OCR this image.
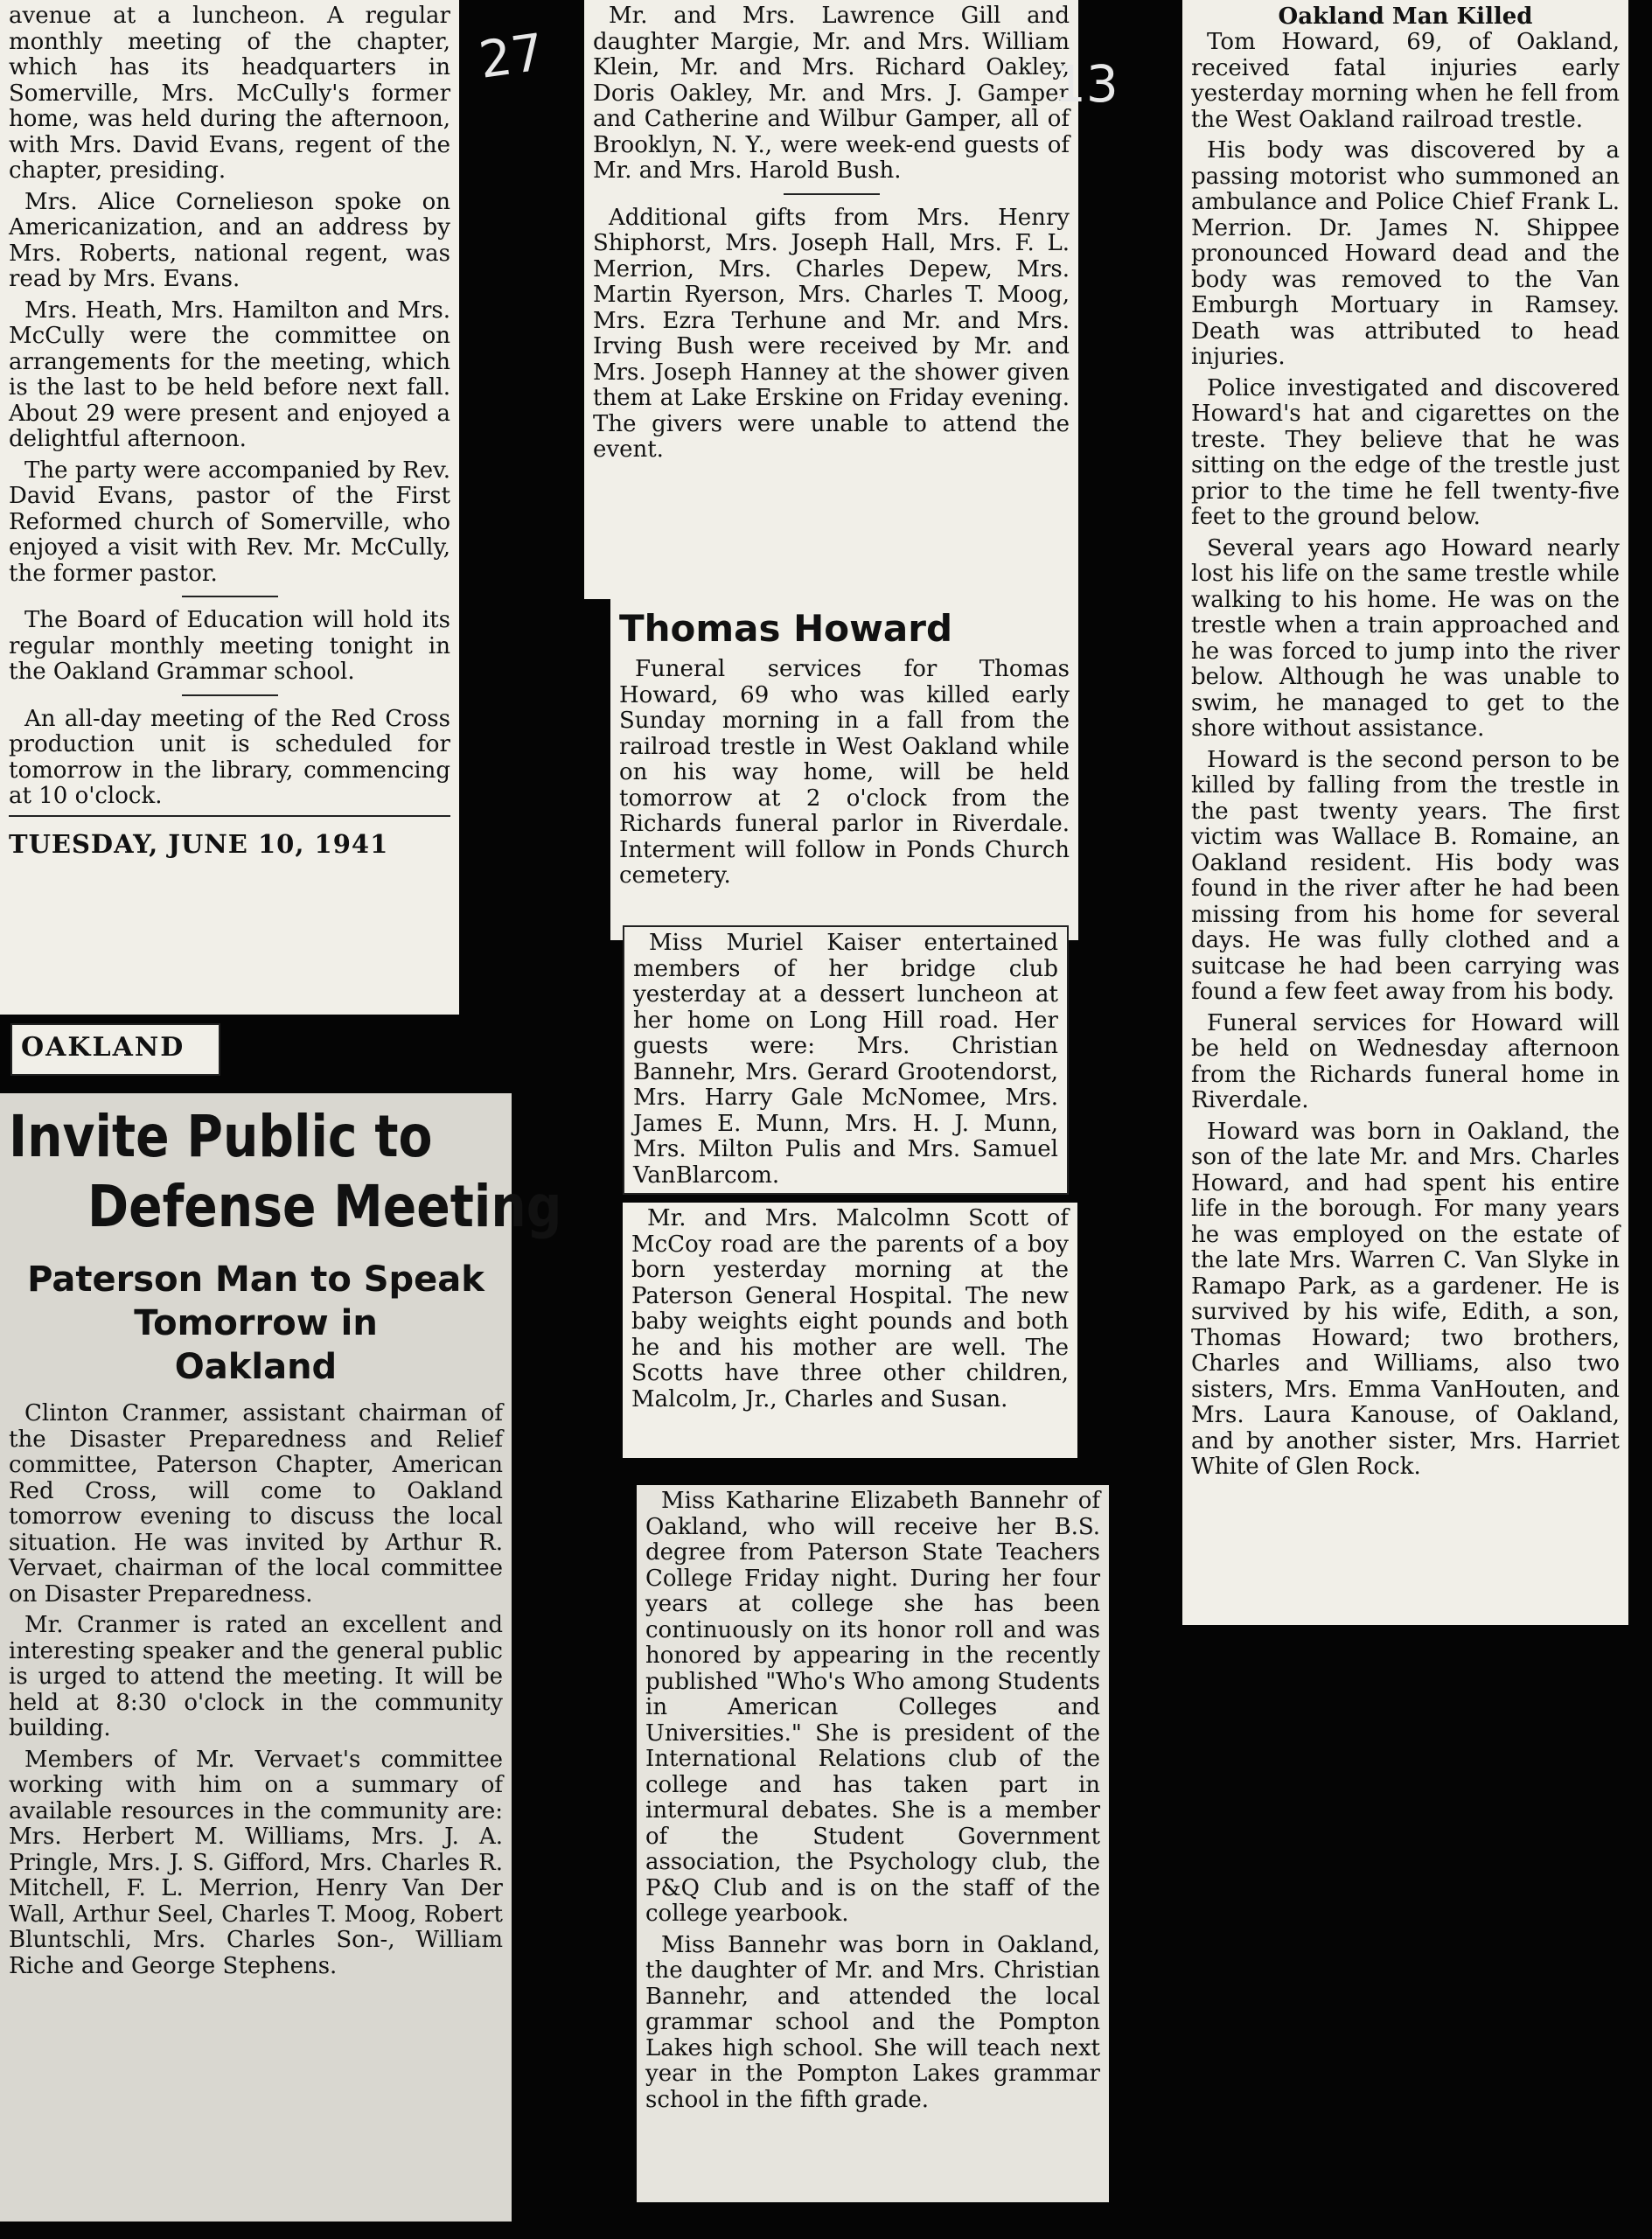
avenue at a luncheon. A regular monthly meeting of the chapter, which has its headquarters in Somerville, Mrs. McCully's former home, was held during the afternoon, with Mrs. David Evans, regent of the chapter, presiding.

Mrs. Alice Cornelieson spoke on Americanization, and an address by Mrs. Roberts, national regent, was read by Mrs. Evans.

Mrs. Heath, Mrs. Hamilton and Mrs. McCully were the committee on arrangements for the meeting, which is the last to be held before next fall. About 29 were present and enjoyed a delightful afternoon.

The party were accompanied by Rev. David Evans, pastor of the First Reformed church of Somerville, who enjoyed a visit with Rev. Mr. McCully, the former pastor.

The Board of Education will hold its regular monthly meeting tonight in the Oakland Grammar school.

An all-day meeting of the Red Cross production unit is scheduled for tomorrow in the library, commencing at 10 o'clock.

TUESDAY, JUNE 10, 1941
OAKLAND
Invite Public to
Defense Meeting
Paterson Man to Speak
Tomorrow in
Oakland

Clinton Cranmer, assistant chairman of the Disaster Preparedness and Relief committee, Paterson Chapter, American Red Cross, will come to Oakland tomorrow evening to discuss the local situation. He was invited by Arthur R. Vervaet, chairman of the local committee on Disaster Preparedness.

Mr. Cranmer is rated an excellent and interesting speaker and the general public is urged to attend the meeting. It will be held at 8:30 o'clock in the community building.

Members of Mr. Vervaet's committee working with him on a summary of available resources in the community are: Mrs. Herbert M. Williams, Mrs. J. A. Pringle, Mrs. J. S. Gifford, Mrs. Charles R. Mitchell, F. L. Merrion, Henry Van Der Wall, Arthur Seel, Charles T. Moog, Robert Bluntschli, Mrs. Charles Son-, William Riche and George Stephens.

Mr. and Mrs. Lawrence Gill and daughter Margie, Mr. and Mrs. William Klein, Mr. and Mrs. Richard Oakley, Doris Oakley, Mr. and Mrs. J. Gamper and Catherine and Wilbur Gamper, all of Brooklyn, N. Y., were week-end guests of Mr. and Mrs. Harold Bush.

Additional gifts from Mrs. Henry Shiphorst, Mrs. Joseph Hall, Mrs. F. L. Merrion, Mrs. Charles Depew, Mrs. Martin Ryerson, Mrs. Charles T. Moog, Mrs. Ezra Terhune and Mr. and Mrs. Irving Bush were received by Mr. and Mrs. Joseph Hanney at the shower given them at Lake Erskine on Friday evening. The givers were unable to attend the event.

Thomas Howard

Funeral services for Thomas Howard, 69 who was killed early Sunday morning in a fall from the railroad trestle in West Oakland while on his way home, will be held tomorrow at 2 o'clock from the Richards funeral parlor in Riverdale. Interment will follow in Ponds Church cemetery.

Miss Muriel Kaiser entertained members of her bridge club yesterday at a dessert luncheon at her home on Long Hill road. Her guests were: Mrs. Christian Bannehr, Mrs. Gerard Grootendorst, Mrs. Harry Gale McNomee, Mrs. James E. Munn, Mrs. H. J. Munn, Mrs. Milton Pulis and Mrs. Samuel VanBlarcom.

Mr. and Mrs. Malcolmn Scott of McCoy road are the parents of a boy born yesterday morning at the Paterson General Hospital. The new baby weights eight pounds and both he and his mother are well. The Scotts have three other children, Malcolm, Jr., Charles and Susan.

Miss Katharine Elizabeth Bannehr of Oakland, who will receive her B.S. degree from Paterson State Teachers College Friday night. During her four years at college she has been continuously on its honor roll and was honored by appearing in the recently published "Who's Who among Students in American Colleges and Universities." She is president of the International Relations club of the college and has taken part in intermural debates. She is a member of the Student Government association, the Psychology club, the P&Q Club and is on the staff of the college yearbook.

Miss Bannehr was born in Oakland, the daughter of Mr. and Mrs. Christian Bannehr, and attended the local grammar school and the Pompton Lakes high school. She will teach next year in the Pompton Lakes grammar school in the fifth grade.

Oakland Man Killed

Tom Howard, 69, of Oakland, received fatal injuries early yesterday morning when he fell from the West Oakland railroad trestle.

His body was discovered by a passing motorist who summoned an ambulance and Police Chief Frank L. Merrion. Dr. James N. Shippee pronounced Howard dead and the body was removed to the Van Emburgh Mortuary in Ramsey. Death was attributed to head injuries.

Police investigated and discovered Howard's hat and cigarettes on the treste. They believe that he was sitting on the edge of the trestle just prior to the time he fell twenty-five feet to the ground below.

Several years ago Howard nearly lost his life on the same trestle while walking to his home. He was on the trestle when a train approached and he was forced to jump into the river below. Although he was unable to swim, he managed to get to the shore without assistance.

Howard is the second person to be killed by falling from the trestle in the past twenty years. The first victim was Wallace B. Romaine, an Oakland resident. His body was found in the river after he had been missing from his home for several days. He was fully clothed and a suitcase he had been carrying was found a few feet away from his body.

Funeral services for Howard will be held on Wednesday afternoon from the Richards funeral home in Riverdale.

Howard was born in Oakland, the son of the late Mr. and Mrs. Charles Howard, and had spent his entire life in the borough. For many years he was employed on the estate of the late Mrs. Warren C. Van Slyke in Ramapo Park, as a gardener. He is survived by his wife, Edith, a son, Thomas Howard; two brothers, Charles and Williams, also two sisters, Mrs. Emma VanHouten, and Mrs. Laura Kanouse, of Oakland, and by another sister, Mrs. Harriet White of Glen Rock.

27	13
